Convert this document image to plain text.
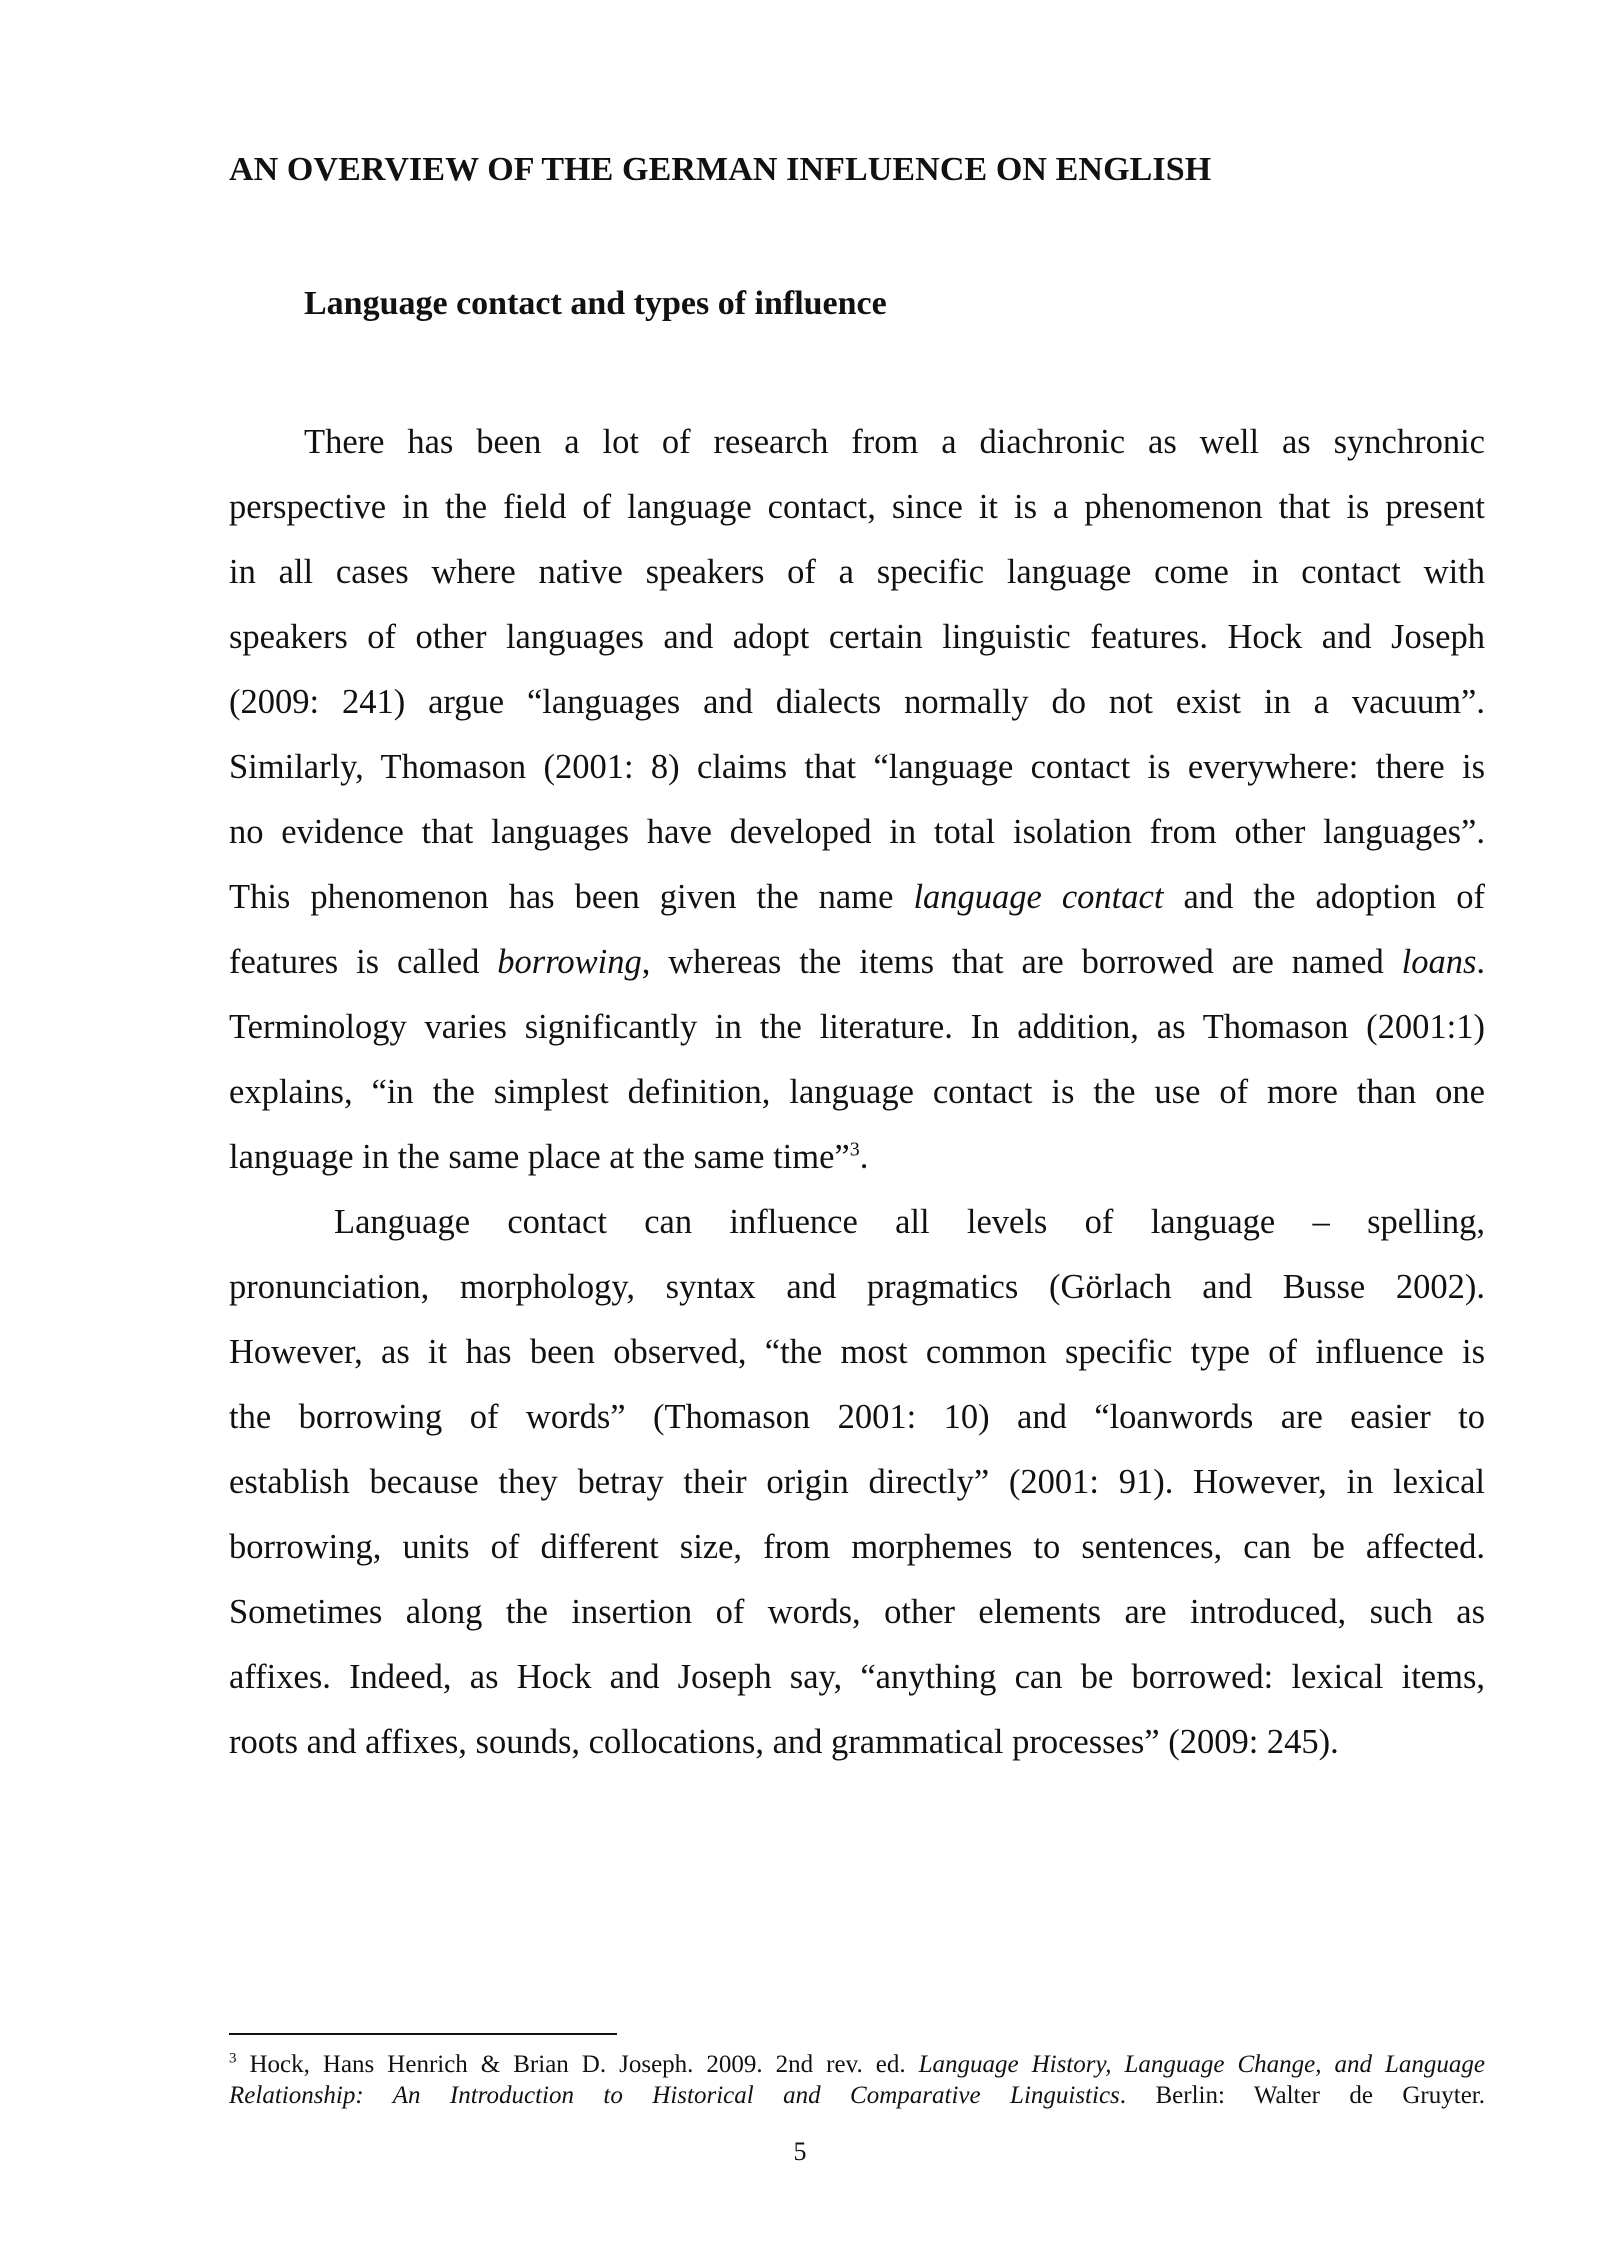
AN OVERVIEW OF THE GERMAN INFLUENCE ON ENGLISH
Language contact and types of influence
There has been a lot of research from a diachronic as well as synchronic
perspective in the field of language contact, since it is a phenomenon that is present
in all cases where native speakers of a specific language come in contact with
speakers of other languages and adopt certain linguistic features. Hock and Joseph
(2009: 241) argue “languages and dialects normally do not exist in a vacuum”.
Similarly, Thomason (2001: 8) claims that “language contact is everywhere: there is
no evidence that languages have developed in total isolation from other languages”.
This phenomenon has been given the name language contact and the adoption of
features is called borrowing, whereas the items that are borrowed are named loans.
Terminology varies significantly in the literature. In addition, as Thomason (2001:1)
explains, “in the simplest definition, language contact is the use of more than one
language in the same place at the same time”$^3$.
Language contact can influence all levels of language – spelling,
pronunciation, morphology, syntax and pragmatics (Görlach and Busse 2002).
However, as it has been observed, “the most common specific type of influence is
the borrowing of words” (Thomason 2001: 10) and “loanwords are easier to
establish because they betray their origin directly” (2001: 91). However, in lexical
borrowing, units of different size, from morphemes to sentences, can be affected.
Sometimes along the insertion of words, other elements are introduced, such as
affixes. Indeed, as Hock and Joseph say, “anything can be borrowed: lexical items,
roots and affixes, sounds, collocations, and grammatical processes” (2009: 245).
$^3$ Hock, Hans Henrich & Brian D. Joseph. 2009. 2nd rev. ed. Language History, Language Change, and Language
Relationship: An Introduction to Historical and Comparative Linguistics. Berlin: Walter de Gruyter.
5
